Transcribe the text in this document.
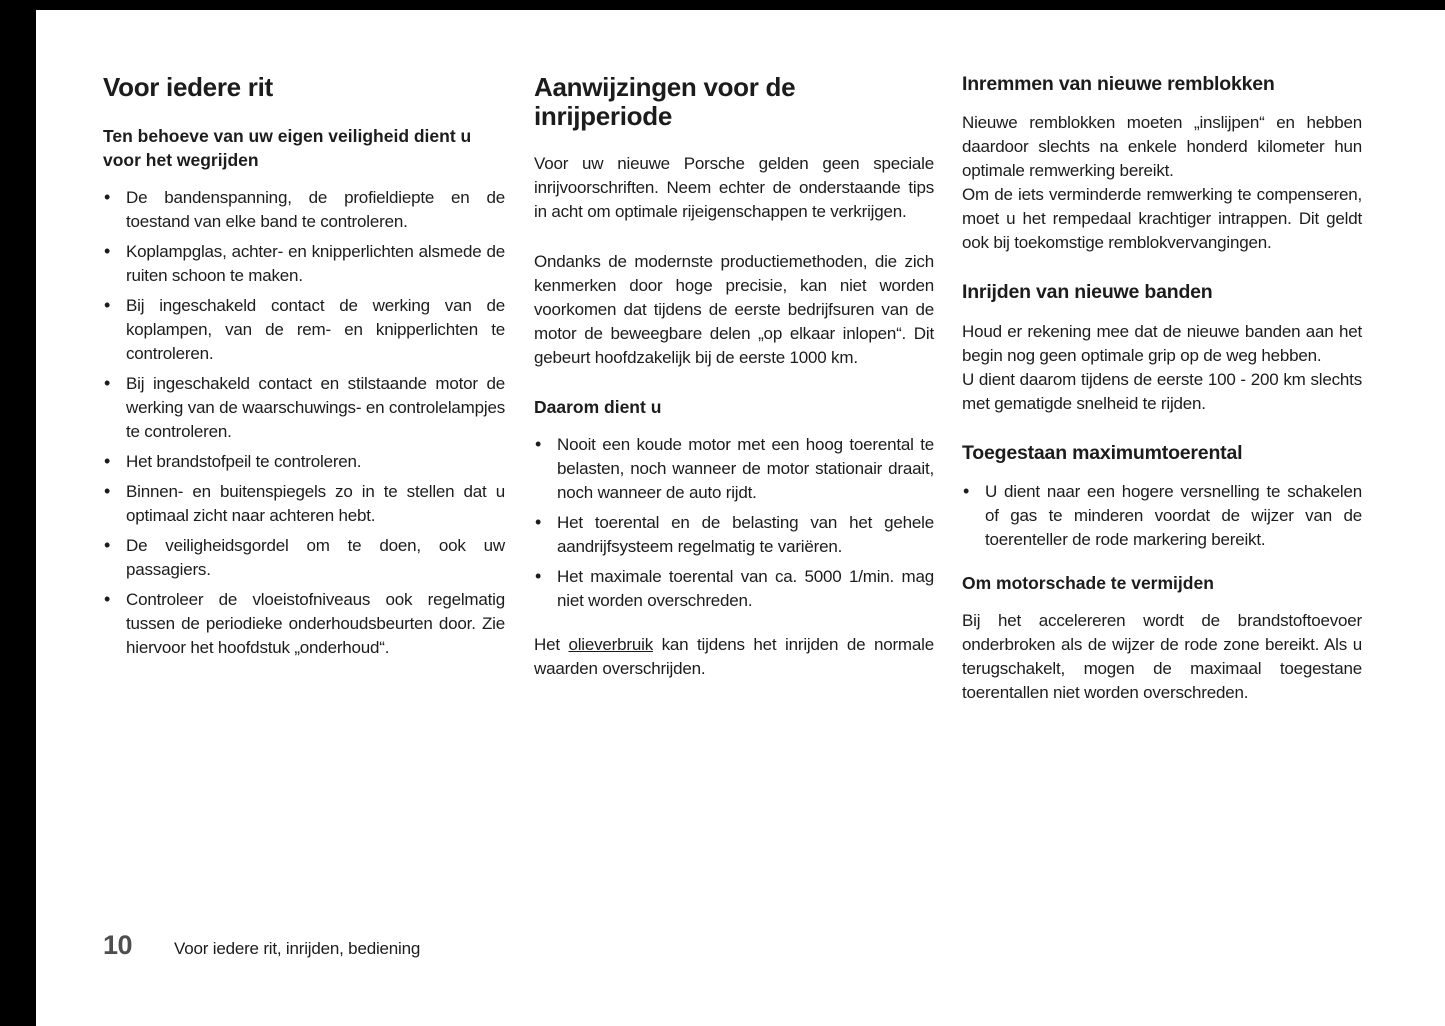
Voor iedere rit
Ten behoeve van uw eigen veiligheid dient u voor het wegrijden
• De bandenspanning, de profieldiepte en de toestand van elke band te controleren.
• Koplampglas, achter- en knipperlichten alsmede de ruiten schoon te maken.
• Bij ingeschakeld contact de werking van de koplampen, van de rem- en knipperlichten te controleren.
• Bij ingeschakeld contact en stilstaande motor de werking van de waarschuwings- en controlelampjes te controleren.
• Het brandstofpeil te controleren.
• Binnen- en buitenspiegels zo in te stellen dat u optimaal zicht naar achteren hebt.
• De veiligheidsgordel om te doen, ook uw passagiers.
• Controleer de vloeistofniveaus ook regelmatig tussen de periodieke onderhoudsbeurten door. Zie hiervoor het hoofdstuk „onderhoud“.
Aanwijzingen voor de inrijperiode

Voor uw nieuwe Porsche gelden geen speciale inrijvoorschriften. Neem echter de onderstaande tips in acht om optimale rijeigenschappen te verkrijgen.

Ondanks de modernste productiemethoden, die zich kenmerken door hoge precisie, kan niet worden voorkomen dat tijdens de eerste bedrijfsuren van de motor de beweegbare delen „op elkaar inlopen“. Dit gebeurt hoofdzakelijk bij de eerste 1000 km.

Daarom dient u
• Nooit een koude motor met een hoog toerental te belasten, noch wanneer de motor stationair draait, noch wanneer de auto rijdt.
• Het toerental en de belasting van het gehele aandrijfsysteem regelmatig te variëren.
• Het maximale toerental van ca. 5000 1/min. mag niet worden overschreden.

Het olieverbruik kan tijdens het inrijden de normale waarden overschrijden.

Inremmen van nieuwe remblokken

Nieuwe remblokken moeten „inslijpen“ en hebben daardoor slechts na enkele honderd kilometer hun optimale remwerking bereikt.

Om de iets verminderde remwerking te compenseren, moet u het rempedaal krachtiger intrappen. Dit geldt ook bij toekomstige remblokvervangingen.

Inrijden van nieuwe banden

Houd er rekening mee dat de nieuwe banden aan het begin nog geen optimale grip op de weg hebben.

U dient daarom tijdens de eerste 100 - 200 km slechts met gematigde snelheid te rijden.

Toegestaan maximumtoerental
• U dient naar een hogere versnelling te schakelen of gas te minderen voordat de wijzer van de toerenteller de rode markering bereikt.
Om motorschade te vermijden

Bij het accelereren wordt de brandstoftoevoer onderbroken als de wijzer de rode zone bereikt. Als u terugschakelt, mogen de maximaal toegestane toerentallen niet worden overschreden.

10 Voor iedere rit, inrijden, bediening
